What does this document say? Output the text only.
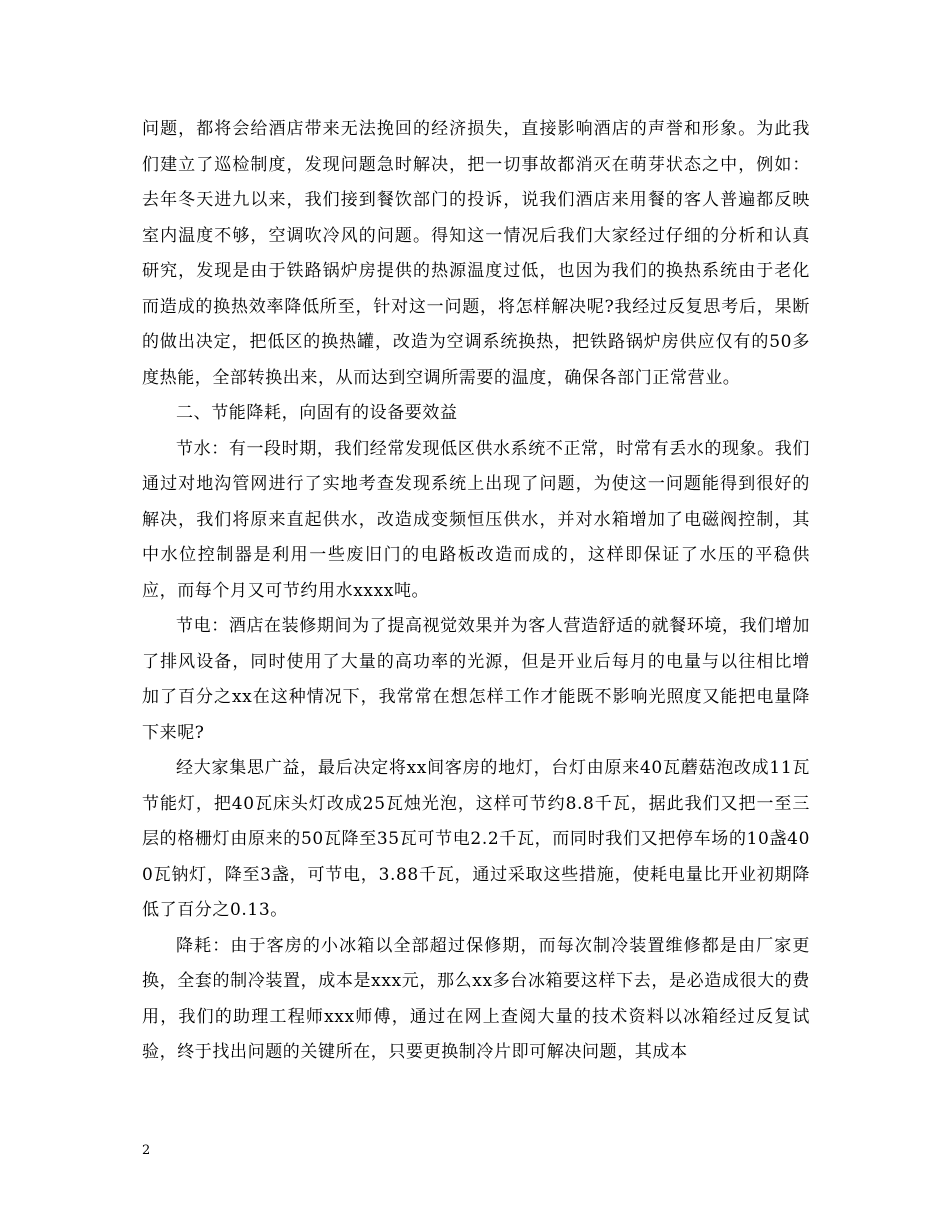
问题，都将会给酒店带来无法挽回的经济损失，直接影响酒店的声誉和形象。为此我们建立了巡检制度，发现问题急时解决，把一切事故都消灭在萌芽状态之中，例如：去年冬天进九以来，我们接到餐饮部门的投诉，说我们酒店来用餐的客人普遍都反映室内温度不够，空调吹冷风的问题。得知这一情况后我们大家经过仔细的分析和认真研究，发现是由于铁路锅炉房提供的热源温度过低，也因为我们的换热系统由于老化而造成的换热效率降低所至，针对这一问题，将怎样解决呢?我经过反复思考后，果断的做出决定，把低区的换热罐，改造为空调系统换热，把铁路锅炉房供应仅有的50多度热能，全部转换出来，从而达到空调所需要的温度，确保各部门正常营业。

二、节能降耗，向固有的设备要效益

节水：有一段时期，我们经常发现低区供水系统不正常，时常有丢水的现象。我们通过对地沟管网进行了实地考查发现系统上出现了问题，为使这一问题能得到很好的解决，我们将原来直起供水，改造成变频恒压供水，并对水箱增加了电磁阀控制，其中水位控制器是利用一些废旧门的电路板改造而成的，这样即保证了水压的平稳供应，而每个月又可节约用水xxxx吨。

节电：酒店在装修期间为了提高视觉效果并为客人营造舒适的就餐环境，我们增加了排风设备，同时使用了大量的高功率的光源，但是开业后每月的电量与以往相比增加了百分之xx在这种情况下，我常常在想怎样工作才能既不影响光照度又能把电量降下来呢?

经大家集思广益，最后决定将xx间客房的地灯，台灯由原来40瓦蘑菇泡改成11瓦节能灯，把40瓦床头灯改成25瓦烛光泡，这样可节约8.8千瓦，据此我们又把一至三层的格栅灯由原来的50瓦降至35瓦可节电2.2千瓦，而同时我们又把停车场的10盏400瓦钠灯，降至3盏，可节电，3.88千瓦，通过采取这些措施，使耗电量比开业初期降低了百分之0.13。

降耗：由于客房的小冰箱以全部超过保修期，而每次制冷装置维修都是由厂家更换，全套的制冷装置，成本是xxx元，那么xx多台冰箱要这样下去，是必造成很大的费用，我们的助理工程师xxx师傅，通过在网上查阅大量的技术资料以冰箱经过反复试验，终于找出问题的关键所在，只要更换制冷片即可解决问题，其成本

2
